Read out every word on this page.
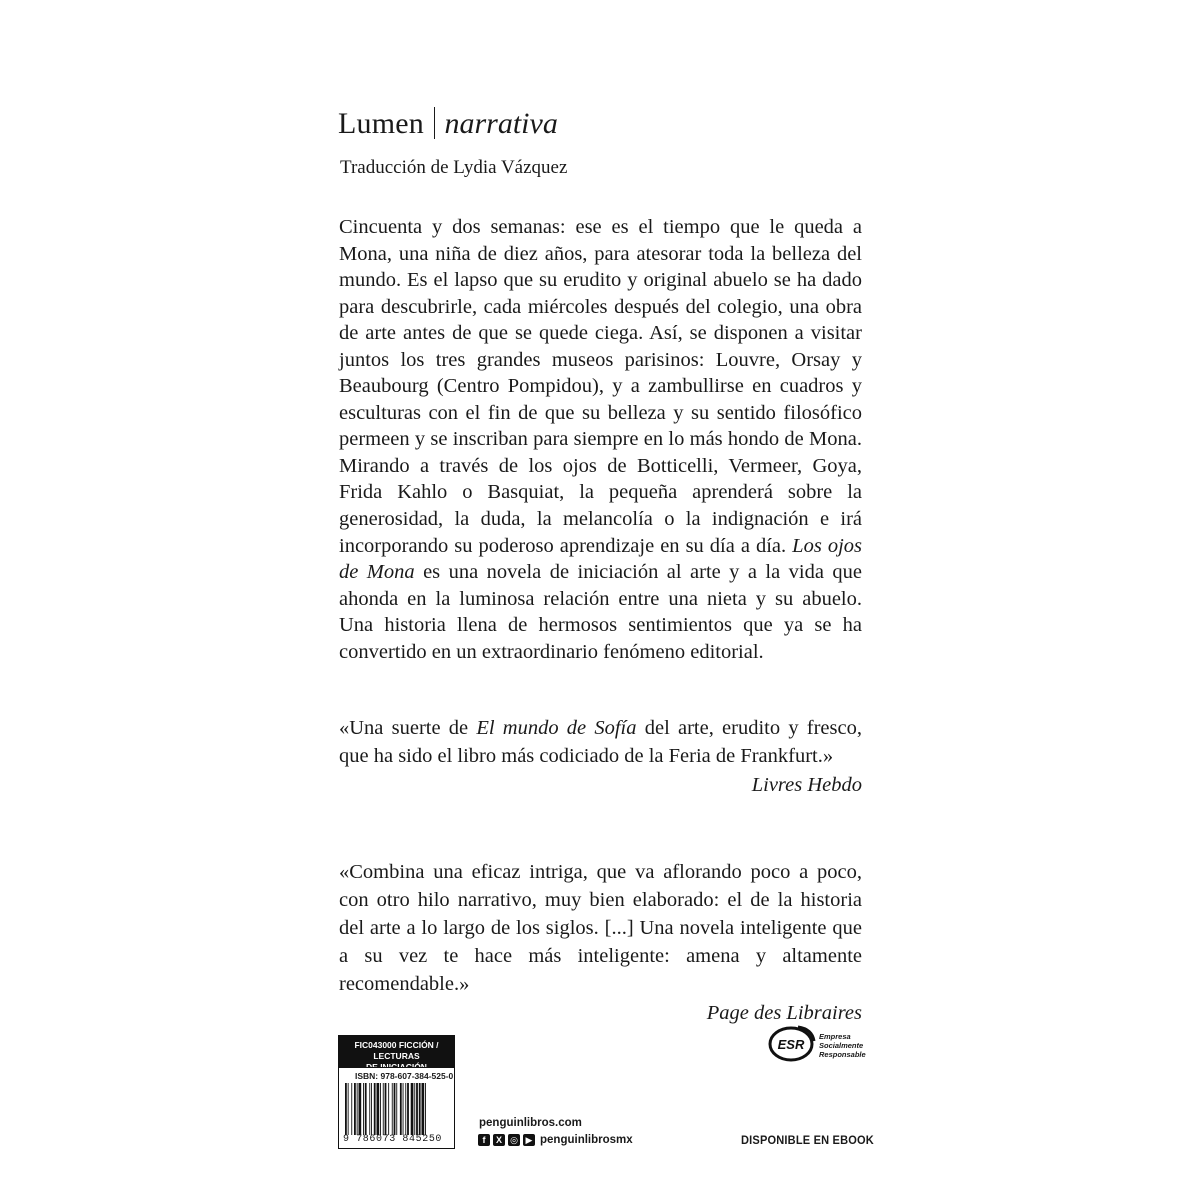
Lumen narrativa
Traducción de Lydia Vázquez

Cincuenta y dos semanas: ese es el tiempo que le queda a Mona, una niña de diez años, para atesorar toda la belleza del mundo. Es el lapso que su erudito y original abuelo se ha dado para descubrirle, cada miércoles después del colegio, una obra de arte antes de que se quede ciega. Así, se disponen a visitar juntos los tres grandes museos parisinos: Louvre, Orsay y Beaubourg (Centro Pompidou), y a zambullirse en cuadros y esculturas con el fin de que su belleza y su sentido filosófico permeen y se inscriban para siempre en lo más hondo de Mona. Mirando a través de los ojos de Botticelli, Vermeer, Goya, Frida Kahlo o Basquiat, la pequeña aprenderá sobre la generosidad, la duda, la melancolía o la indignación e irá incorporando su poderoso aprendizaje en su día a día. Los ojos de Mona es una novela de iniciación al arte y a la vida que ahonda en la luminosa relación entre una nieta y su abuelo. Una historia llena de hermosos sentimientos que ya se ha convertido en un extraordinario fenómeno editorial.

«Una suerte de El mundo de Sofía del arte, erudito y fresco, que ha sido el libro más codiciado de la Feria de Frankfurt.»

Livres Hebdo

«Combina una eficaz intriga, que va aflorando poco a poco, con otro hilo narrativo, muy bien elaborado: el de la historia del arte a lo largo de los siglos. [...] Una novela inteligente que a su vez te hace más inteligente: amena y altamente recomendable.»

Page des Libraires
FIC043000 FICCIÓN / LECTURAS
ISBN: 978-607-384-525-0
9 786073 845250
penguinlibros.com
f	X ◎ ▶ penguinlibrosmx
ESR
Empresa
Socialmente
Responsable
DISPONIBLE EN EBOOK
